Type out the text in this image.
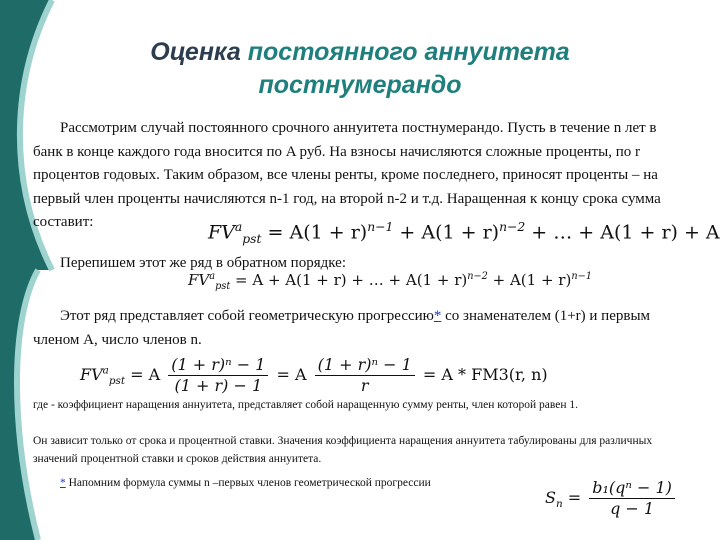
Оценка постоянного аннуитета
постнумерандо
Рассмотрим случай постоянного срочного аннуитета постнумерандо. Пусть в течение n лет в банк в конце каждого года вносится по A руб. На взносы начисляются сложные проценты, по r процентов годовых. Таким образом, все члены ренты, кроме последнего, приносят проценты – на первый член проценты начисляются n-1 год, на второй n-2 и т.д. Наращенная к концу срока сумма составит:	$FV^a_{pst} = A(1 + r)^{n-1} + A(1 + r)^{n-2}$ + … + A(1 + r) + A
Перепишем этот же ряд в обратном порядке:
$FV^a_{pst} = A + A(1 + r)$ + … + $A(1 + r)^{n-2} + A(1 + r)^{n-1}$
Этот ряд представляет собой геометрическую прогрессию* со знаменателем (1+r) и первым членом A, число членов n.
$FV^a_{pst} = A \frac{\text{(1 + r)ⁿ − 1}}{(1 + r) - 1} = A \frac{\text{(1 + r)ⁿ − 1}}{r} = A * FM3(r$, n)
где - коэффициент наращения аннуитета, представляет собой наращенную сумму ренты, член которой равен 1.
Он зависит только от срока и процентной ставки. Значения коэффициента наращения аннуитета табулированы для различных значений процентной ставки и сроков действия аннуитета.
* Напомним формула суммы n –первых членов геометрической прогрессии
$S_n = \frac{\text{b₁(qⁿ − 1)}}{q - 1}$
